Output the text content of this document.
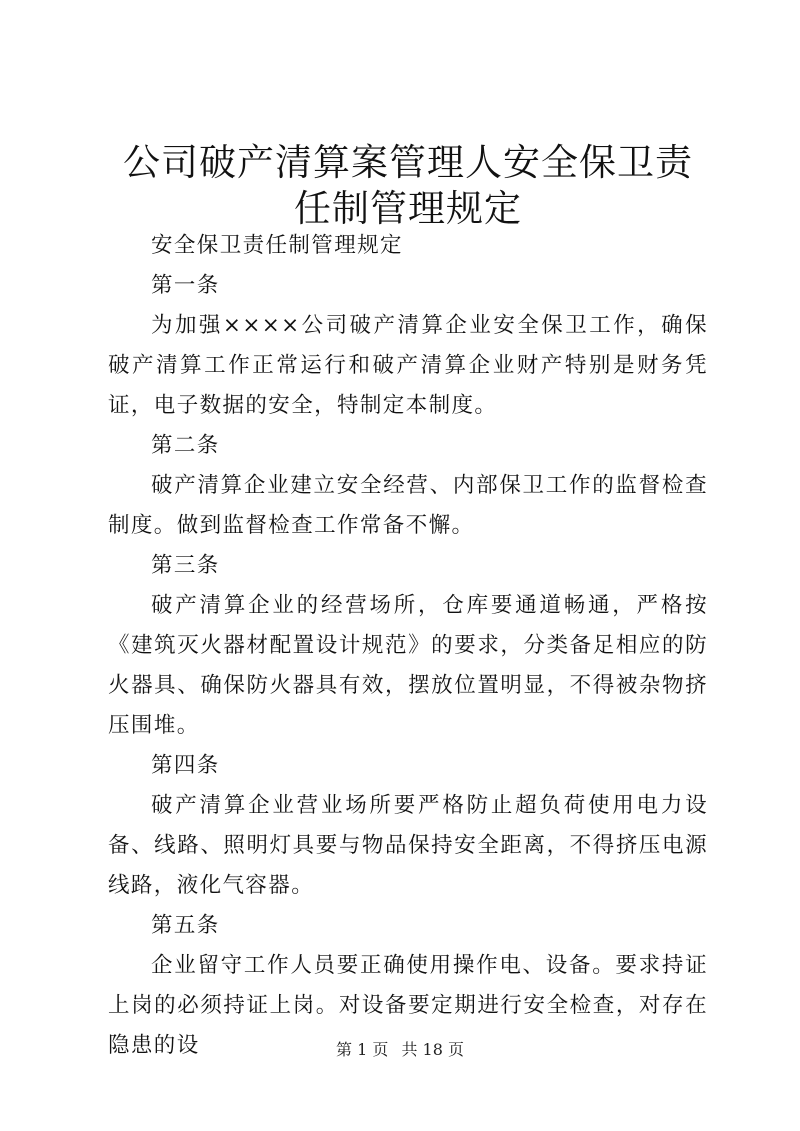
公司破产清算案管理人安全保卫责任制管理规定

安全保卫责任制管理规定

第一条

为加强××××公司破产清算企业安全保卫工作，确保破产清算工作正常运行和破产清算企业财产特别是财务凭证，电子数据的安全，特制定本制度。

第二条

破产清算企业建立安全经营、内部保卫工作的监督检查制度。做到监督检查工作常备不懈。

第三条

破产清算企业的经营场所，仓库要通道畅通，严格按《建筑灭火器材配置设计规范》的要求，分类备足相应的防火器具、确保防火器具有效，摆放位置明显，不得被杂物挤压围堆。

第四条

破产清算企业营业场所要严格防止超负荷使用电力设备、线路、照明灯具要与物品保持安全距离，不得挤压电源线路，液化气容器。

第五条

企业留守工作人员要正确使用操作电、设备。要求持证上岗的必须持证上岗。对设备要定期进行安全检查，对存在隐患的设	第 1 页 共 18 页
